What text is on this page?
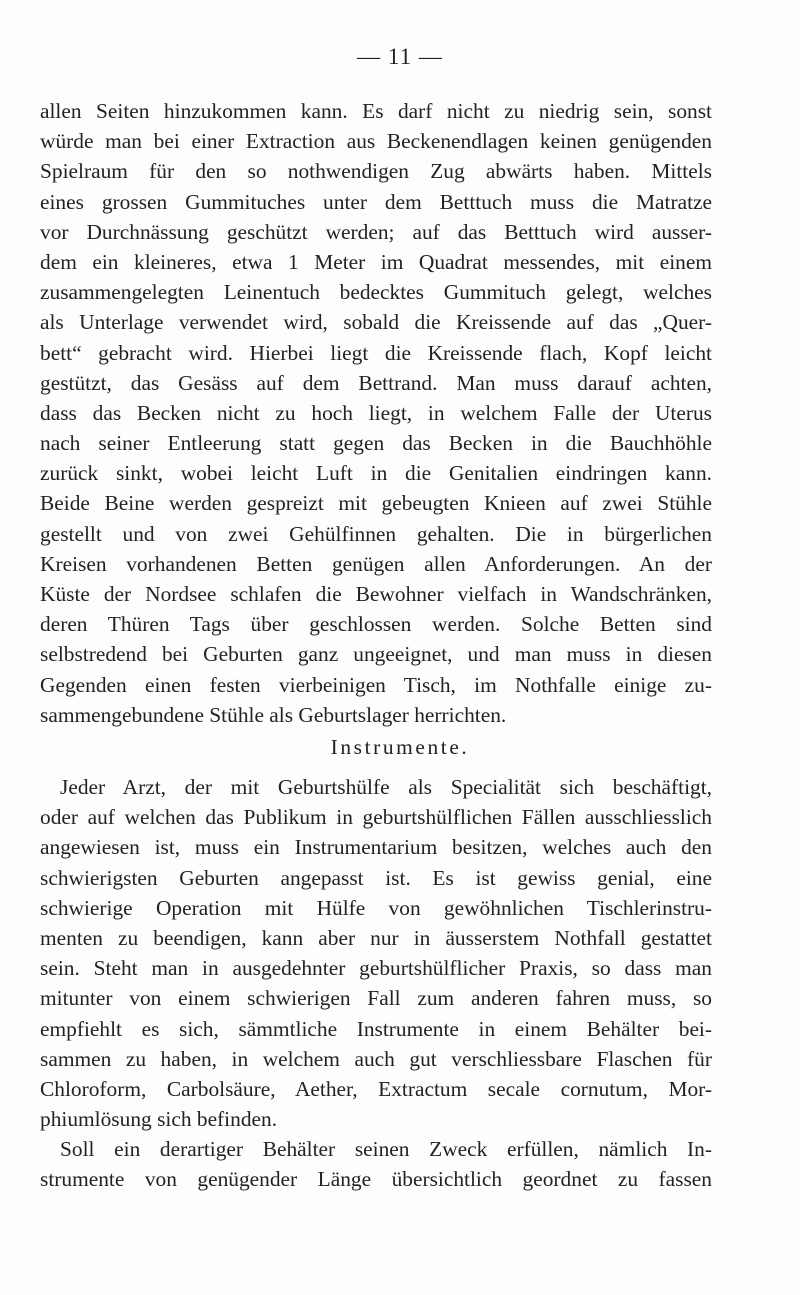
— 11 —
allen Seiten hinzukommen kann. Es darf nicht zu niedrig sein, sonst
würde man bei einer Extraction aus Beckenendlagen keinen genügenden
Spielraum für den so nothwendigen Zug abwärts haben. Mittels
eines grossen Gummituches unter dem Betttuch muss die Matratze
vor Durchnässung geschützt werden; auf das Betttuch wird ausser-
dem ein kleineres, etwa 1 Meter im Quadrat messendes, mit einem
zusammengelegten Leinentuch bedecktes Gummituch gelegt, welches
als Unterlage verwendet wird, sobald die Kreissende auf das „Quer-
bett“ gebracht wird. Hierbei liegt die Kreissende flach, Kopf leicht
gestützt, das Gesäss auf dem Bettrand. Man muss darauf achten,
dass das Becken nicht zu hoch liegt, in welchem Falle der Uterus
nach seiner Entleerung statt gegen das Becken in die Bauchhöhle
zurück sinkt, wobei leicht Luft in die Genitalien eindringen kann.
Beide Beine werden gespreizt mit gebeugten Knieen auf zwei Stühle
gestellt und von zwei Gehülfinnen gehalten. Die in bürgerlichen
Kreisen vorhandenen Betten genügen allen Anforderungen. An der
Küste der Nordsee schlafen die Bewohner vielfach in Wandschränken,
deren Thüren Tags über geschlossen werden. Solche Betten sind
selbstredend bei Geburten ganz ungeeignet, und man muss in diesen
Gegenden einen festen vierbeinigen Tisch, im Nothfalle einige zu-
sammengebundene Stühle als Geburtslager herrichten.
Instrumente.
Jeder Arzt, der mit Geburtshülfe als Specialität sich beschäftigt,
oder auf welchen das Publikum in geburtshülflichen Fällen ausschliesslich
angewiesen ist, muss ein Instrumentarium besitzen, welches auch den
schwierigsten Geburten angepasst ist. Es ist gewiss genial, eine
schwierige Operation mit Hülfe von gewöhnlichen Tischlerinstru-
menten zu beendigen, kann aber nur in äusserstem Nothfall gestattet
sein. Steht man in ausgedehnter geburtshülflicher Praxis, so dass man
mitunter von einem schwierigen Fall zum anderen fahren muss, so
empfiehlt es sich, sämmtliche Instrumente in einem Behälter bei-
sammen zu haben, in welchem auch gut verschliessbare Flaschen für
Chloroform, Carbolsäure, Aether, Extractum secale cornutum, Mor-
phiumlösung sich befinden.
Soll ein derartiger Behälter seinen Zweck erfüllen, nämlich In-
strumente von genügender Länge übersichtlich geordnet zu fassen
